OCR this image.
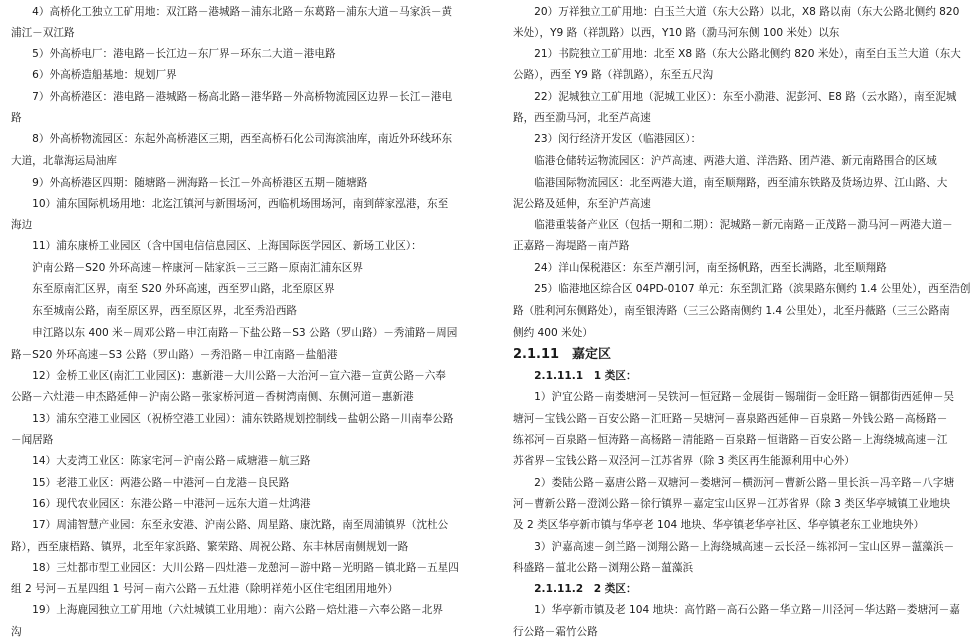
　　4）高桥化工独立工矿用地：双江路－港城路－浦东北路－东葛路－浦东大道－马家浜－黄
浦江－双江路
　　5）外高桥电厂：港电路－长江边－东厂界－环东二大道－港电路
　　6）外高桥造船基地：规划厂界
　　7）外高桥港区：港电路－港城路－杨高北路－港华路－外高桥物流园区边界－长江－港电
路
　　8）外高桥物流园区：东起外高桥港区三期，西至高桥石化公司海滨油库，南近外环线环东
大道，北靠海运局油库
　　9）外高桥港区四期：随塘路－洲海路－长江－外高桥港区五期－随塘路
　　10）浦东国际机场用地：北迄江镇河与新围场河，西临机场围场河，南到薛家泓港，东至
海边
　　11）浦东康桥工业园区（含中国电信信息园区、上海国际医学园区、新场工业区）：
　　沪南公路－S20 外环高速－梓康河－陆家浜－三三路－原南汇浦东区界
　　东至原南汇区界，南至 S20 外环高速，西至罗山路，北至原区界
　　东至城南公路，南至原区界，西至原区界，北至秀沿西路
　　申江路以东 400 米－周邓公路－申江南路－下盐公路－S3 公路（罗山路）－秀浦路－周园
路－S20 外环高速－S3 公路（罗山路）－秀沿路－申江南路－盐船港
　　12）金桥工业区(南汇工业园区)：惠新港－大川公路－大治河－宣六港－宣黄公路－六奉
公路－六灶港－申杰路延伸－沪南公路－张家桥河道－香树湾南侧、东侧河道－惠新港
　　13）浦东空港工业园区（祝桥空港工业园）：浦东铁路规划控制线－盐朝公路－川南奉公路
－闻居路
　　14）大麦湾工业区：陈家宅河－沪南公路－咸塘港－航三路
　　15）老港工业区：两港公路－中港河－白龙港－良民路
　　16）现代农业园区：东港公路－中港河－远东大道－灶鸿港
　　17）周浦智慧产业园：东至永安港、沪南公路、周星路、康沈路，南至周浦镇界（沈杜公
路），西至康梧路、镇界，北至年家浜路、繁荣路、周祝公路、东丰林居南侧规划一路
　　18）三灶都市型工业园区：大川公路－四灶港－龙憩河－游中路－光明路－镇北路－五星四
组 2 号河－五星四组 1 号河－南六公路－五灶港（除明祥苑小区住宅组团用地外）
　　19）上海鹿园独立工矿用地（六灶城镇工业用地）：南六公路－焙灶港－六奉公路－北界
沟
　　20）万祥独立工矿用地：白玉兰大道（东大公路）以北，X8 路以南（东大公路北侧约 820
米处），Y9 路（祥凯路）以西，Y10 路（泐马河东侧 100 米处）以东
　　21）书院独立工矿用地：北至 X8 路（东大公路北侧约 820 米处），南至白玉兰大道（东大
公路），西至 Y9 路（祥凯路），东至五尺沟
　　22）泥城独立工矿用地（泥城工业区）：东至小泐港、泥彭河、E8 路（云水路），南至泥城
路，西至泐马河，北至芦高速
　　23）闵行经济开发区（临港园区）：
　　临港仓储转运物流园区：沪芦高速、两港大道、洋浩路、团芦港、新元南路围合的区域
　　临港国际物流园区：北至两港大道，南至顺翔路，西至浦东铁路及货场边界、江山路、大
泥公路及延伸，东至沪芦高速
　　临港重装备产业区（包括一期和二期）：泥城路－新元南路－正茂路－泐马河－两港大道－
正嘉路－海堤路－南芦路
　　24）洋山保税港区：东至芦潮引河，南至扬帆路，西至长满路，北至顺翔路
　　25）临港地区综合区 04PD-0107 单元：东至凯汇路（滨果路东侧约 1.4 公里处），西至浩创
路（胜利河东侧路处），南至银涛路（三三公路南侧约 1.4 公里处），北至丹薇路（三三公路南
侧约 400 米处）
2.1.11　嘉定区
　　2.1.11.1　1 类区：
　　1）沪宜公路－南娄塘河－吴铁河－恒冠路－金展街－锡瑞街－金旺路－铜都街西延伸－吴
塘河－宝钱公路－百安公路－汇旺路－吴塘河－喜泉路西延伸－百泉路－外钱公路－高杨路－
练祁河－百泉路－恒涛路－高杨路－清能路－百泉路－恒谐路－百安公路－上海绕城高速－江
苏省界－宝钱公路－双泾河－江苏省界（除 3 类区再生能源利用中心外）
　　2）娄陆公路－嘉唐公路－双塘河－娄塘河－横沥河－曹新公路－里长浜－冯辛路－八字塘
河－曹新公路－澄浏公路－徐行镇界－嘉定宝山区界－江苏省界（除 3 类区华亭城镇工业地块
及 2 类区华亭新市镇与华亭老 104 地块、华亭镇老华亭社区、华亭镇老东工业地块外）
　　3）沪嘉高速－剑兰路－浏翔公路－上海绕城高速－云长泾－练祁河－宝山区界－蕰藻浜－
科盛路－蕰北公路－浏翔公路－蕰藻浜
　　2.1.11.2　2 类区：
　　1）华亭新市镇及老 104 地块：高竹路－高石公路－华立路－川泾河－华达路－娄塘河－嘉
行公路－霜竹公路
